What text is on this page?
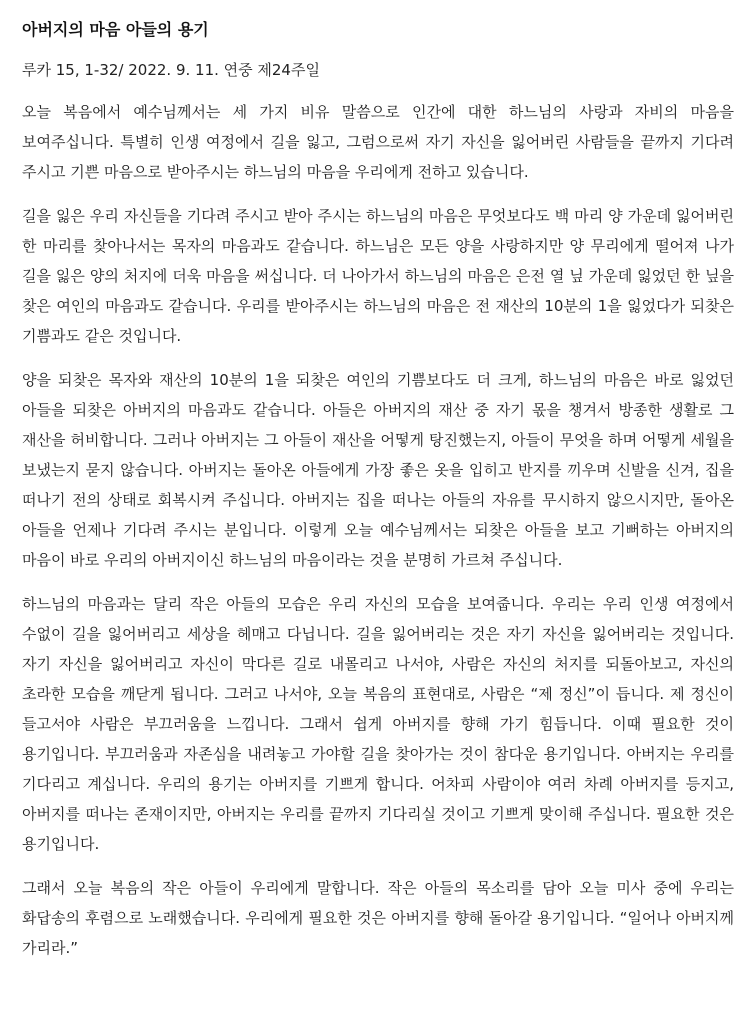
아버지의 마음 아들의 용기
루카 15, 1-32/ 2022. 9. 11. 연중 제24주일

오늘 복음에서 예수님께서는 세 가지 비유 말씀으로 인간에 대한 하느님의 사랑과 자비의 마음을 보여주십니다. 특별히 인생 여정에서 길을 잃고, 그럼으로써 자기 자신을 잃어버린 사람들을 끝까지 기다려 주시고 기쁜 마음으로 받아주시는 하느님의 마음을 우리에게 전하고 있습니다.

길을 잃은 우리 자신들을 기다려 주시고 받아 주시는 하느님의 마음은 무엇보다도 백 마리 양 가운데 잃어버린 한 마리를 찾아나서는 목자의 마음과도 같습니다. 하느님은 모든 양을 사랑하지만 양 무리에게 떨어져 나가 길을 잃은 양의 처지에 더욱 마음을 써십니다. 더 나아가서 하느님의 마음은 은전 열 닢 가운데 잃었던 한 닢을 찾은 여인의 마음과도 같습니다. 우리를 받아주시는 하느님의 마음은 전 재산의 10분의 1을 잃었다가 되찾은 기쁨과도 같은 것입니다.

양을 되찾은 목자와 재산의 10분의 1을 되찾은 여인의 기쁨보다도 더 크게, 하느님의 마음은 바로 잃었던 아들을 되찾은 아버지의 마음과도 같습니다. 아들은 아버지의 재산 중 자기 몫을 챙겨서 방종한 생활로 그 재산을 허비합니다. 그러나 아버지는 그 아들이 재산을 어떻게 탕진했는지, 아들이 무엇을 하며 어떻게 세월을 보냈는지 묻지 않습니다. 아버지는 돌아온 아들에게 가장 좋은 옷을 입히고 반지를 끼우며 신발을 신겨, 집을 떠나기 전의 상태로 회복시켜 주십니다. 아버지는 집을 떠나는 아들의 자유를 무시하지 않으시지만, 돌아온 아들을 언제나 기다려 주시는 분입니다. 이렇게 오늘 예수님께서는 되찾은 아들을 보고 기뻐하는 아버지의 마음이 바로 우리의 아버지이신 하느님의 마음이라는 것을 분명히 가르쳐 주십니다.

하느님의 마음과는 달리 작은 아들의 모습은 우리 자신의 모습을 보여줍니다. 우리는 우리 인생 여정에서 수없이 길을 잃어버리고 세상을 헤매고 다닙니다. 길을 잃어버리는 것은 자기 자신을 잃어버리는 것입니다. 자기 자신을 잃어버리고 자신이 막다른 길로 내몰리고 나서야, 사람은 자신의 처지를 되돌아보고, 자신의 초라한 모습을 깨닫게 됩니다. 그러고 나서야, 오늘 복음의 표현대로, 사람은 “제 정신”이 듭니다. 제 정신이 들고서야 사람은 부끄러움을 느낍니다. 그래서 쉽게 아버지를 향해 가기 힘듭니다. 이때 필요한 것이 용기입니다. 부끄러움과 자존심을 내려놓고 가야할 길을 찾아가는 것이 참다운 용기입니다. 아버지는 우리를 기다리고 계십니다. 우리의 용기는 아버지를 기쁘게 합니다. 어차피 사람이야 여러 차례 아버지를 등지고, 아버지를 떠나는 존재이지만, 아버지는 우리를 끝까지 기다리실 것이고 기쁘게 맞이해 주십니다. 필요한 것은 용기입니다.

그래서 오늘 복음의 작은 아들이 우리에게 말합니다. 작은 아들의 목소리를 담아 오늘 미사 중에 우리는 화답송의 후렴으로 노래했습니다. 우리에게 필요한 것은 아버지를 향해 돌아갈 용기입니다. “일어나 아버지께 가리라.”
